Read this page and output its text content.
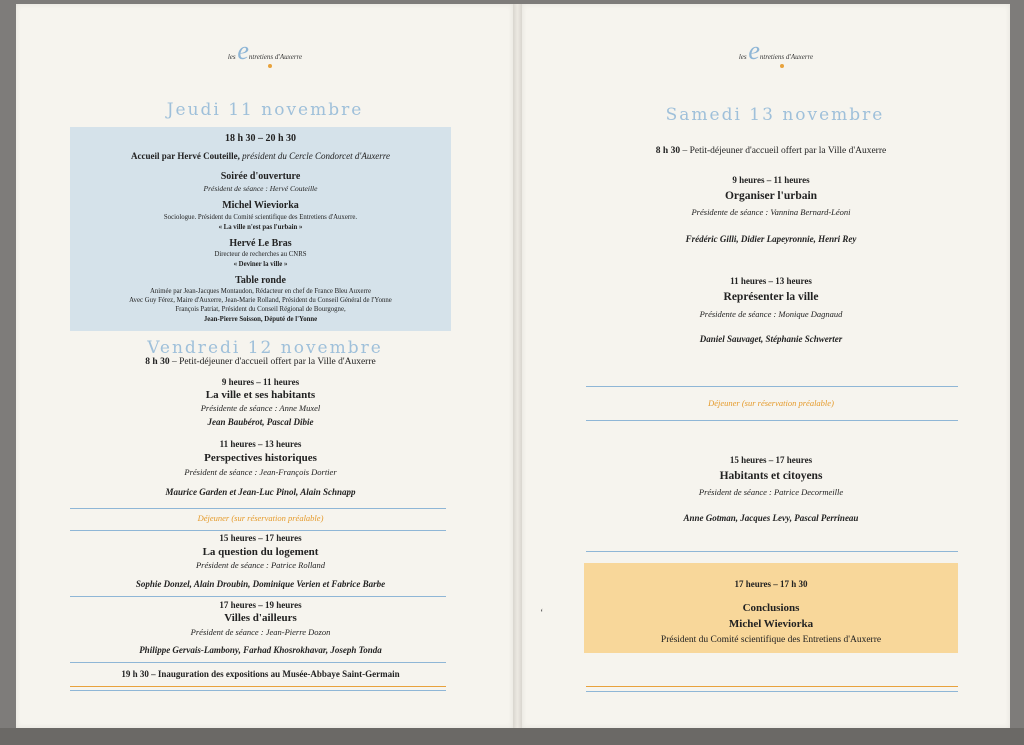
les entretiens d'Auxerre	les entretiens d'Auxerre
Jeudi 11 novembre
18 h 30 – 20 h 30
Accueil par Hervé Couteille, président du Cercle Condorcet d'Auxerre
Soirée d'ouverture
Président de séance : Hervé Couteille
Michel Wieviorka
Sociologue. Président du Comité scientifique des Entretiens d'Auxerre.
« La ville n'est pas l'urbain »
Hervé Le Bras
Directeur de recherches au CNRS
« Deviner la ville »
Table ronde
Animée par Jean-Jacques Montaudon, Rédacteur en chef de France Bleu Auxerre
Avec Guy Férez, Maire d'Auxerre, Jean-Marie Rolland, Président du Conseil Général de l'Yonne
François Patriat, Président du Conseil Régional de Bourgogne,
Jean-Pierre Soisson, Député de l'Yonne
Vendredi 12 novembre
8 h 30 – Petit-déjeuner d'accueil offert par la Ville d'Auxerre
9 heures – 11 heures
La ville et ses habitants
Présidente de séance : Anne Muxel
Jean Baubérot, Pascal Dibie
11 heures – 13 heures
Perspectives historiques
Président de séance : Jean-François Dortier
Maurice Garden et Jean-Luc Pinol, Alain Schnapp
Déjeuner (sur réservation préalable)
15 heures – 17 heures
La question du logement
Président de séance : Patrice Rolland
Sophie Donzel, Alain Droubin, Dominique Verien et Fabrice Barbe
17 heures – 19 heures
Villes d'ailleurs
Président de séance : Jean-Pierre Dozon
Philippe Gervais-Lambony, Farhad Khosrokhavar, Joseph Tonda
19 h 30 – Inauguration des expositions au Musée-Abbaye Saint-Germain
Samedi 13 novembre
8 h 30 – Petit-déjeuner d'accueil offert par la Ville d'Auxerre
9 heures – 11 heures
Organiser l'urbain
Présidente de séance : Vannina Bernard-Léoni
Frédéric Gilli, Didier Lapeyronnie, Henri Rey
11 heures – 13 heures
Représenter la ville
Présidente de séance : Monique Dagnaud
Daniel Sauvaget, Stéphanie Schwerter
Déjeuner (sur réservation préalable)
15 heures – 17 heures
Habitants et citoyens
Président de séance : Patrice Decormeille
Anne Gotman, Jacques Levy, Pascal Perrineau
17 heures – 17 h 30
Conclusions
Michel Wieviorka
Président du Comité scientifique des Entretiens d'Auxerre
‘
